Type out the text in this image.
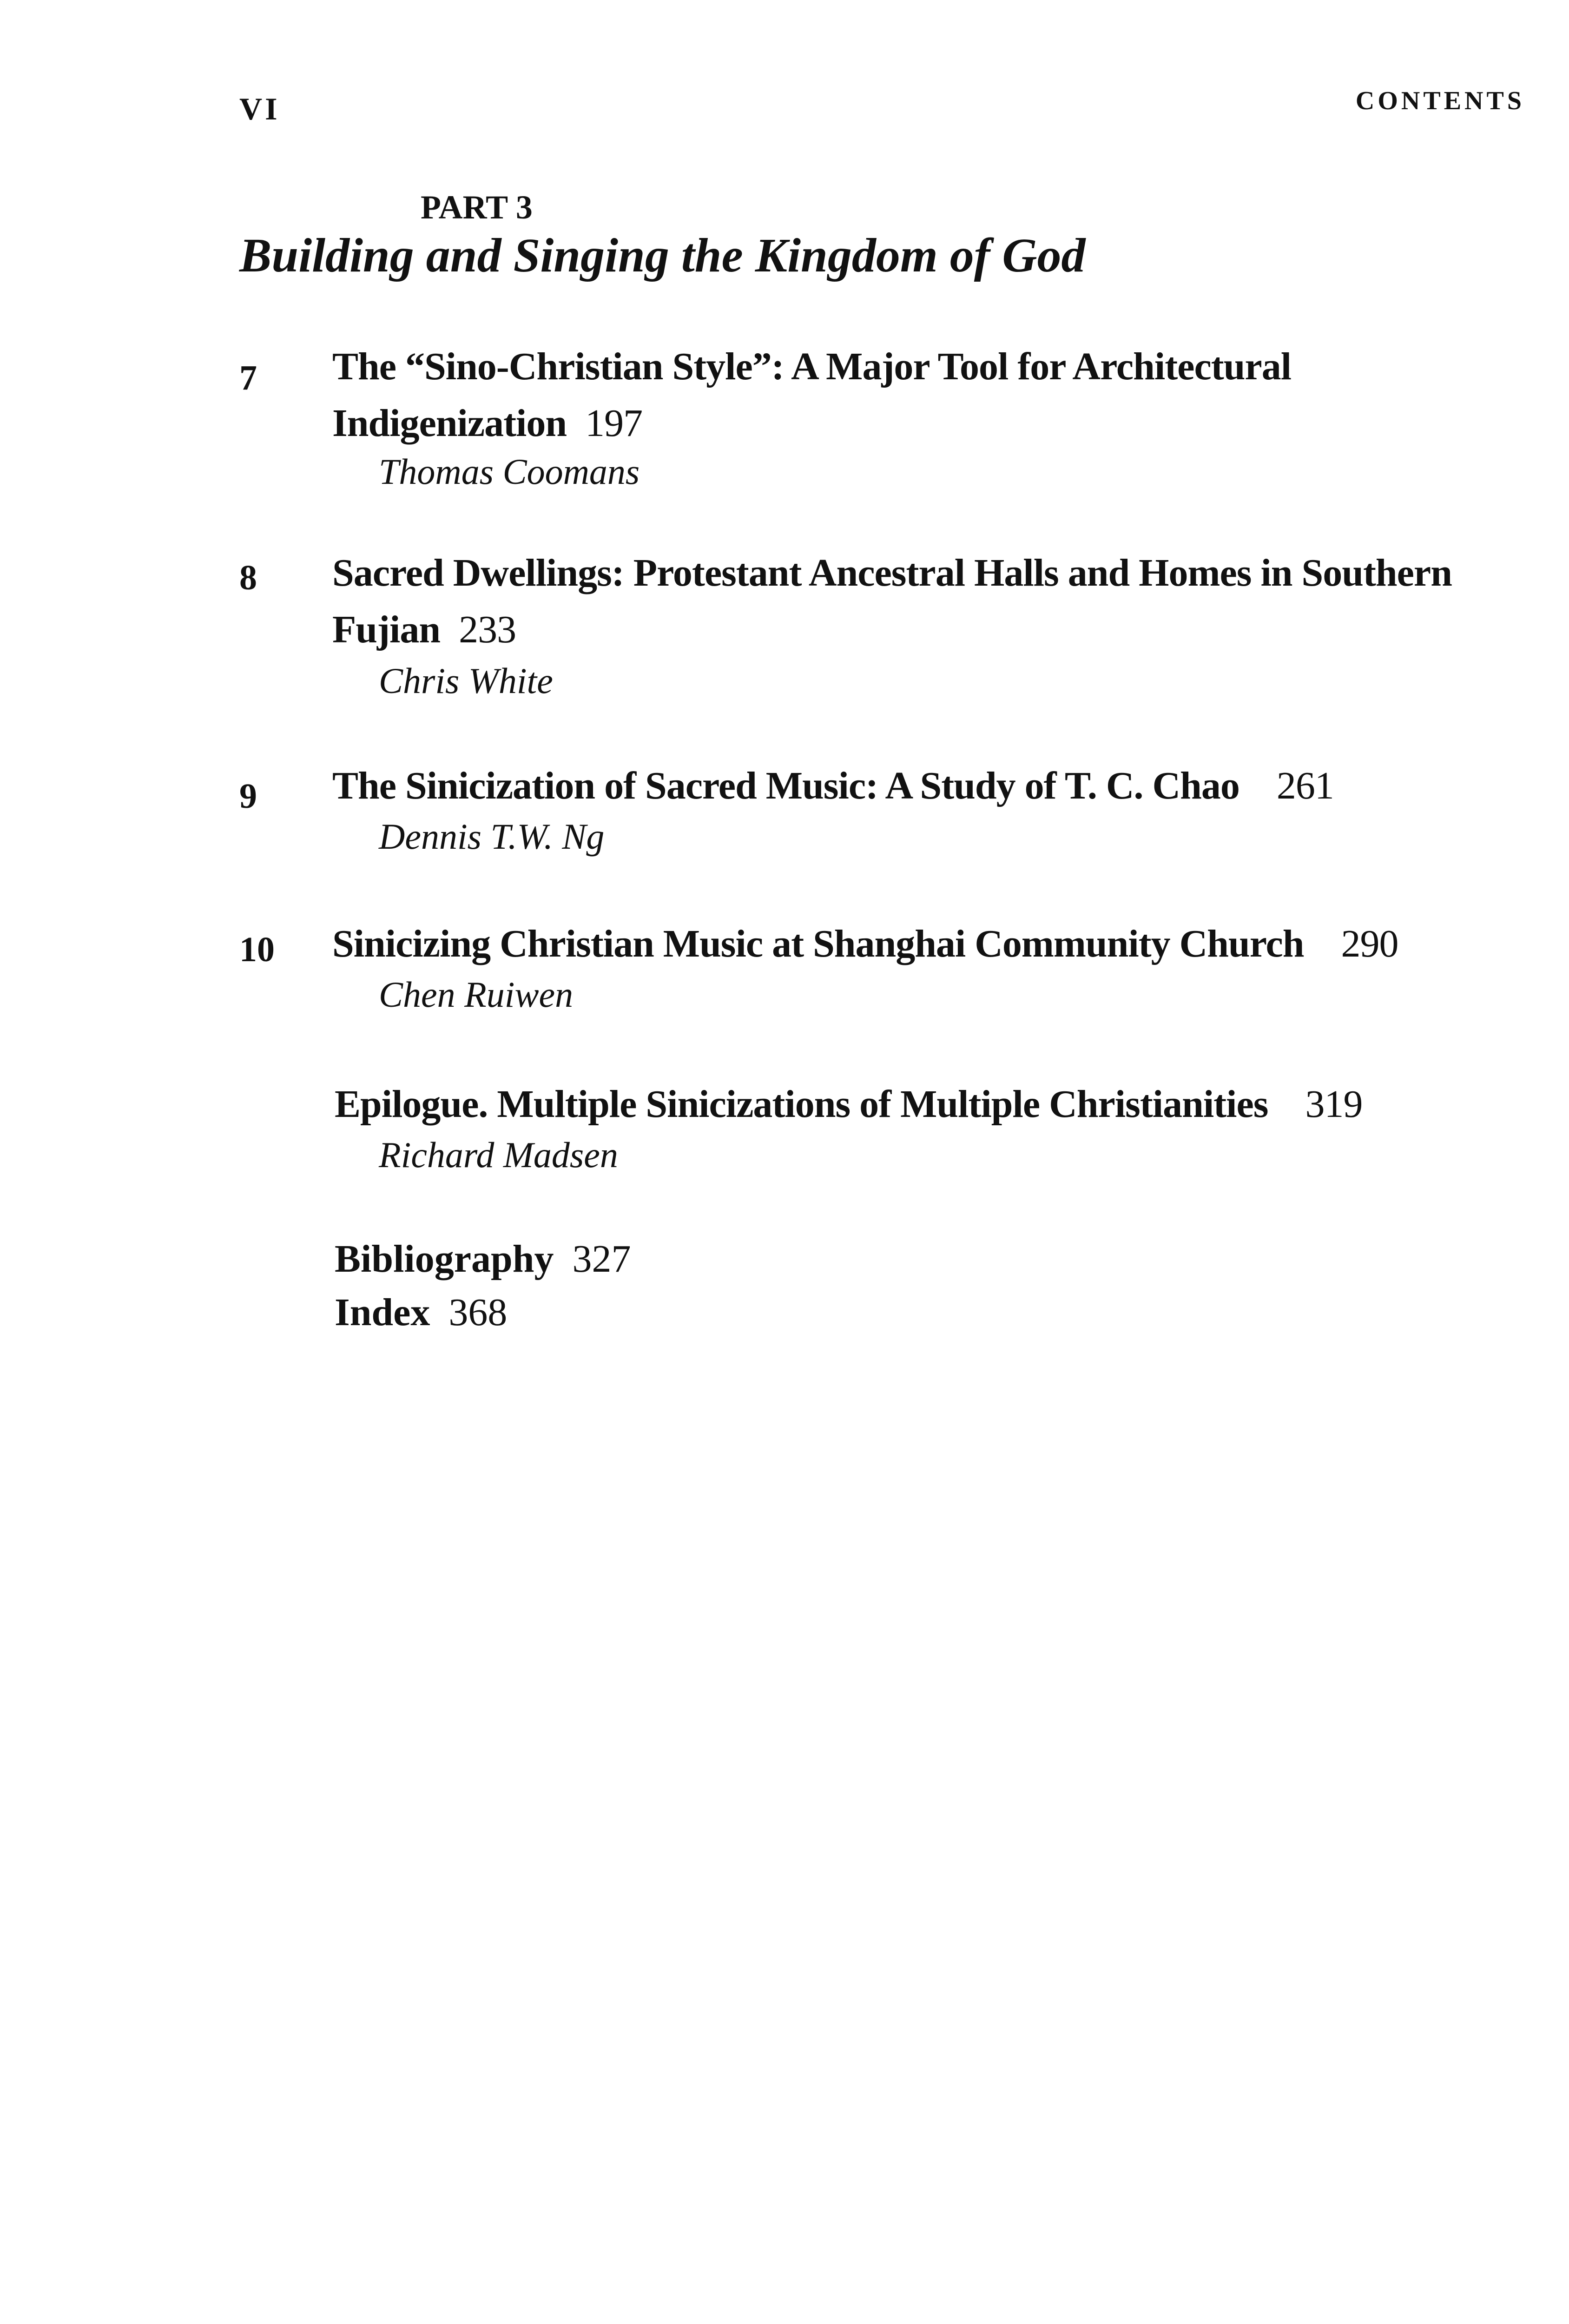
VI	CONTENTS
PART 3
Building and Singing the Kingdom of God
7 The “Sino-Christian Style”: A Major Tool for Architectural
Indigenization 197
Thomas Coomans
8 Sacred Dwellings: Protestant Ancestral Halls and Homes in Southern
Fujian 233
Chris White
9 The Sinicization of Sacred Music: A Study of T. C. Chao 261
Dennis T.W. Ng
10 Sinicizing Christian Music at Shanghai Community Church 290
Chen Ruiwen
Epilogue. Multiple Sinicizations of Multiple Christianities 319
Richard Madsen
Bibliography 327
Index 368
